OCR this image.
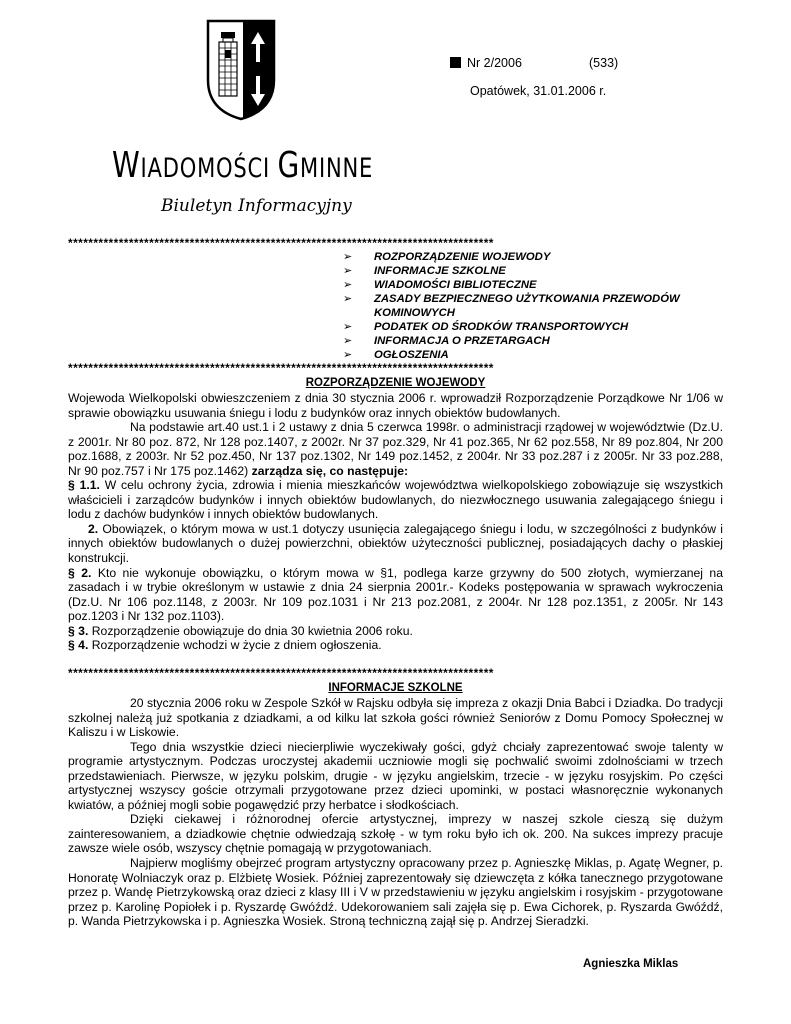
Nr 2/2006	(533)
Opatówek, 31.01.2006 r.
WIADOMOŚCI GMINNE
Biuletyn Informacyjny
************************************************************************************
➢ ROZPORZĄDZENIE WOJEWODY
➢ INFORMACJE SZKOLNE
➢ WIADOMOŚCI BIBLIOTECZNE
➢ ZASADY BEZPIECZNEGO UŻYTKOWANIA PRZEWODÓW KOMINOWYCH
➢ PODATEK OD ŚRODKÓW TRANSPORTOWYCH
➢ INFORMACJA O PRZETARGACH
➢ OGŁOSZENIA
************************************************************************************
ROZPORZĄDZENIE WOJEWODY

Wojewoda Wielkopolski obwieszczeniem z dnia 30 stycznia 2006 r. wprowadził Rozporządzenie Porządkowe Nr 1/06 w sprawie obowiązku usuwania śniegu i lodu z budynków oraz innych obiektów budowlanych.

Na podstawie art.40 ust.1 i 2 ustawy z dnia 5 czerwca 1998r. o administracji rządowej w województwie (Dz.U. z 2001r. Nr 80 poz. 872, Nr 128 poz.1407, z 2002r. Nr 37 poz.329, Nr 41 poz.365, Nr 62 poz.558, Nr 89 poz.804, Nr 200 poz.1688, z 2003r. Nr 52 poz.450, Nr 137 poz.1302, Nr 149 poz.1452, z 2004r. Nr 33 poz.287 i z 2005r. Nr 33 poz.288, Nr 90 poz.757 i Nr 175 poz.1462) zarządza się, co następuje:

§ 1.1. W celu ochrony życia, zdrowia i mienia mieszkańców województwa wielkopolskiego zobowiązuje się wszystkich właścicieli i zarządców budynków i innych obiektów budowlanych, do niezwłocznego usuwania zalegającego śniegu i lodu z dachów budynków i innych obiektów budowlanych.

2. Obowiązek, o którym mowa w ust.1 dotyczy usunięcia zalegającego śniegu i lodu, w szczególności z budynków i innych obiektów budowlanych o dużej powierzchni, obiektów użyteczności publicznej, posiadających dachy o płaskiej konstrukcji.

§ 2. Kto nie wykonuje obowiązku, o którym mowa w §1, podlega karze grzywny do 500 złotych, wymierzanej na zasadach i w trybie określonym w ustawie z dnia 24 sierpnia 2001r.- Kodeks postępowania w sprawach wykroczenia (Dz.U. Nr 106 poz.1148, z 2003r. Nr 109 poz.1031 i Nr 213 poz.2081, z 2004r. Nr 128 poz.1351, z 2005r. Nr 143 poz.1203 i Nr 132 poz.1103).

§ 3. Rozporządzenie obowiązuje do dnia 30 kwietnia 2006 roku.

§ 4. Rozporządzenie wchodzi w życie z dniem ogłoszenia.

************************************************************************************
INFORMACJE SZKOLNE

20 stycznia 2006 roku w Zespole Szkół w Rajsku odbyła się impreza z okazji Dnia Babci i Dziadka. Do tradycji szkolnej należą już spotkania z dziadkami, a od kilku lat szkoła gości również Seniorów z Domu Pomocy Społecznej w Kaliszu i w Liskowie.

Tego dnia wszystkie dzieci niecierpliwie wyczekiwały gości, gdyż chciały zaprezentować swoje talenty w programie artystycznym. Podczas uroczystej akademii uczniowie mogli się pochwalić swoimi zdolnościami w trzech przedstawieniach. Pierwsze, w języku polskim, drugie - w języku angielskim, trzecie - w języku rosyjskim. Po części artystycznej wszyscy goście otrzymali przygotowane przez dzieci upominki, w postaci własnoręcznie wykonanych kwiatów, a później mogli sobie pogawędzić przy herbatce i słodkościach.

Dzięki ciekawej i różnorodnej ofercie artystycznej, imprezy w naszej szkole cieszą się dużym zainteresowaniem, a dziadkowie chętnie odwiedzają szkołę - w tym roku było ich ok. 200. Na sukces imprezy pracuje zawsze wiele osób, wszyscy chętnie pomagają w przygotowaniach.

Najpierw mogliśmy obejrzeć program artystyczny opracowany przez p. Agnieszkę Miklas, p. Agatę Wegner, p. Honoratę Wolniaczyk oraz p. Elżbietę Wosiek. Później zaprezentowały się dziewczęta z kółka tanecznego przygotowane przez p. Wandę Pietrzykowską oraz dzieci z klasy III i V w przedstawieniu w języku angielskim i rosyjskim - przygotowane przez p. Karolinę Popiołek i p. Ryszardę Gwóźdź. Udekorowaniem sali zajęła się p. Ewa Cichorek, p. Ryszarda Gwóźdź, p. Wanda Pietrzykowska i p. Agnieszka Wosiek. Stroną techniczną zajął się p. Andrzej Sieradzki.

Agnieszka Miklas
